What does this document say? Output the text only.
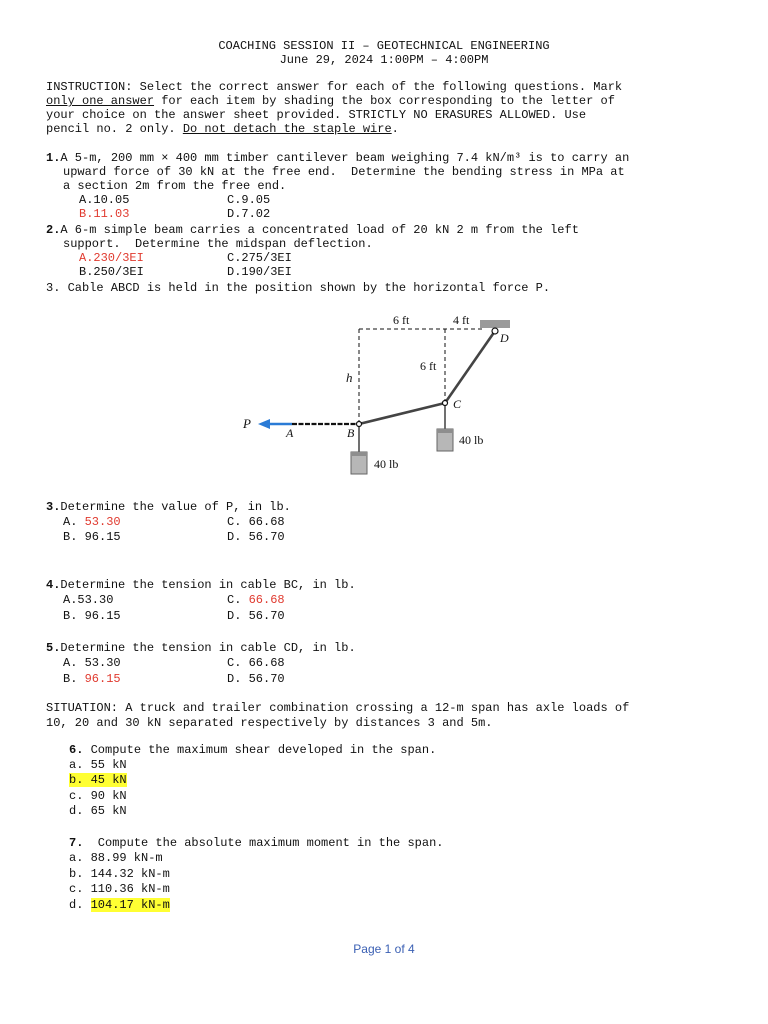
COACHING SESSION II – GEOTECHNICAL ENGINEERING
June 29, 2024 1:00PM – 4:00PM
INSTRUCTION: Select the correct answer for each of the following questions. Mark
only one answer for each item by shading the box corresponding to the letter of
your choice on the answer sheet provided. STRICTLY NO ERASURES ALLOWED. Use
pencil no. 2 only. Do not detach the staple wire.
1.A 5-m, 200 mm × 400 mm timber cantilever beam weighing 7.4 kN/m³ is to carry an
upward force of 30 kN at the free end.  Determine the bending stress in MPa at
a section 2m from the free end.
A.10.05	C.9.05
B.11.03	D.7.02
2.A 6-m simple beam carries a concentrated load of 20 kN 2 m from the left
support.  Determine the midspan deflection.
A.230/3EI	C.275/3EI
B.250/3EI	D.190/3EI
3. Cable ABCD is held in the position shown by the horizontal force P.
6 ft	4 ft
6 ft
h
P
A	B
C
D
40 lb
40 lb
3.Determine the value of P, in lb.
A. 53.30	C. 66.68
B. 96.15	D. 56.70
4.Determine the tension in cable BC, in lb.
A.53.30	C. 66.68
B. 96.15	D. 56.70
5.Determine the tension in cable CD, in lb.
A. 53.30	C. 66.68
B. 96.15	D. 56.70
SITUATION: A truck and trailer combination crossing a 12-m span has axle loads of
10, 20 and 30 kN separated respectively by distances 3 and 5m.
6. Compute the maximum shear developed in the span.
a. 55 kN
b. 45 kN
c. 90 kN
d. 65 kN
7.  Compute the absolute maximum moment in the span.
a. 88.99 kN-m
b. 144.32 kN-m
c. 110.36 kN-m
d. 104.17 kN-m
Page 1 of 4
